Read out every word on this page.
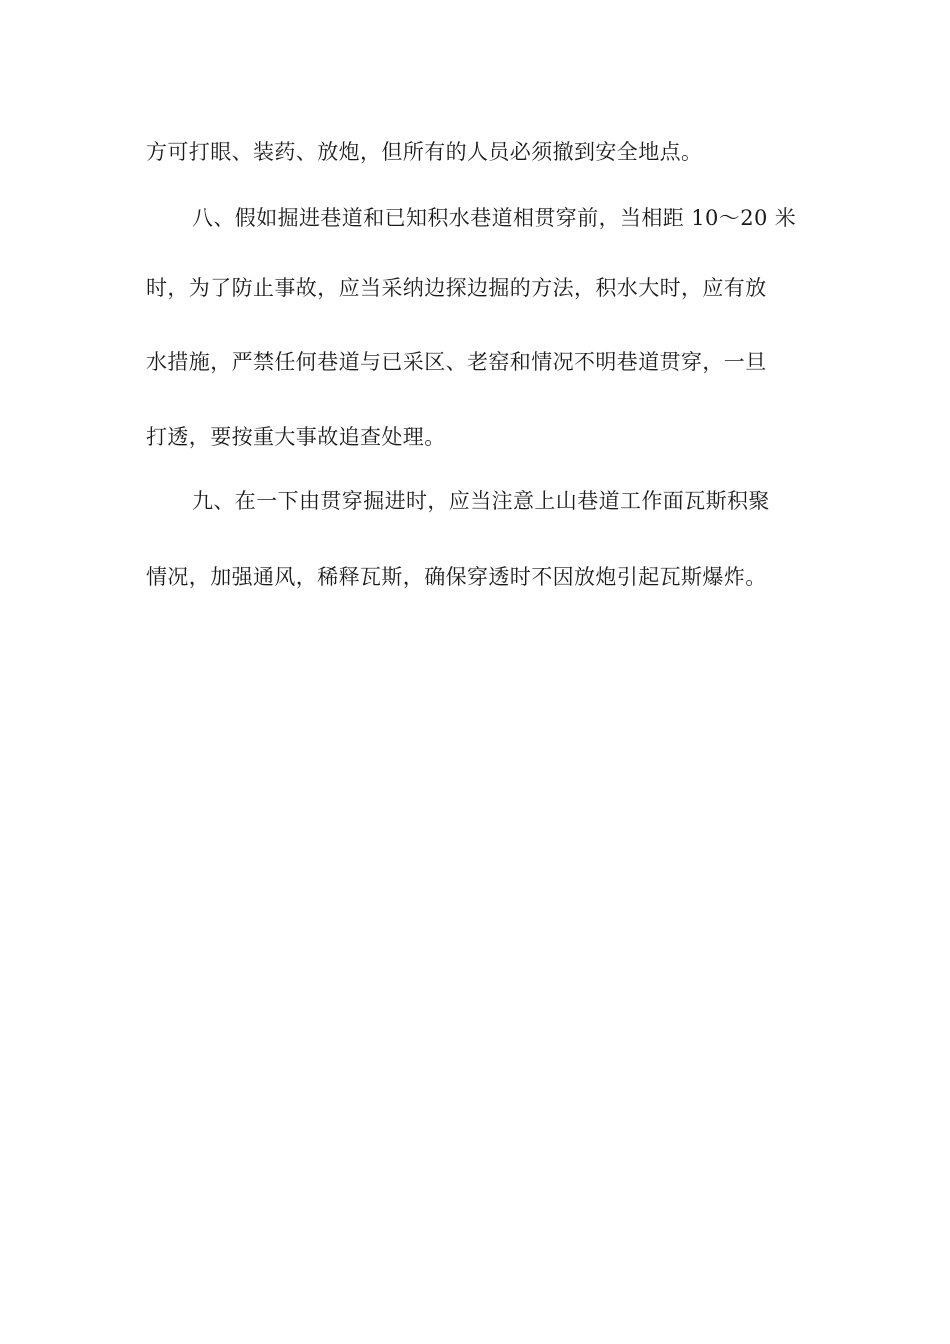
方可打眼、装药、放炮，但所有的人员必须撤到安全地点。
八、假如掘进巷道和已知积水巷道相贯穿前，当相距 10～20 米
时，为了防止事故，应当采纳边探边掘的方法，积水大时，应有放
水措施，严禁任何巷道与已采区、老窑和情况不明巷道贯穿，一旦
打透，要按重大事故追查处理。
九、在一下由贯穿掘进时，应当注意上山巷道工作面瓦斯积聚
情况，加强通风，稀释瓦斯，确保穿透时不因放炮引起瓦斯爆炸。
